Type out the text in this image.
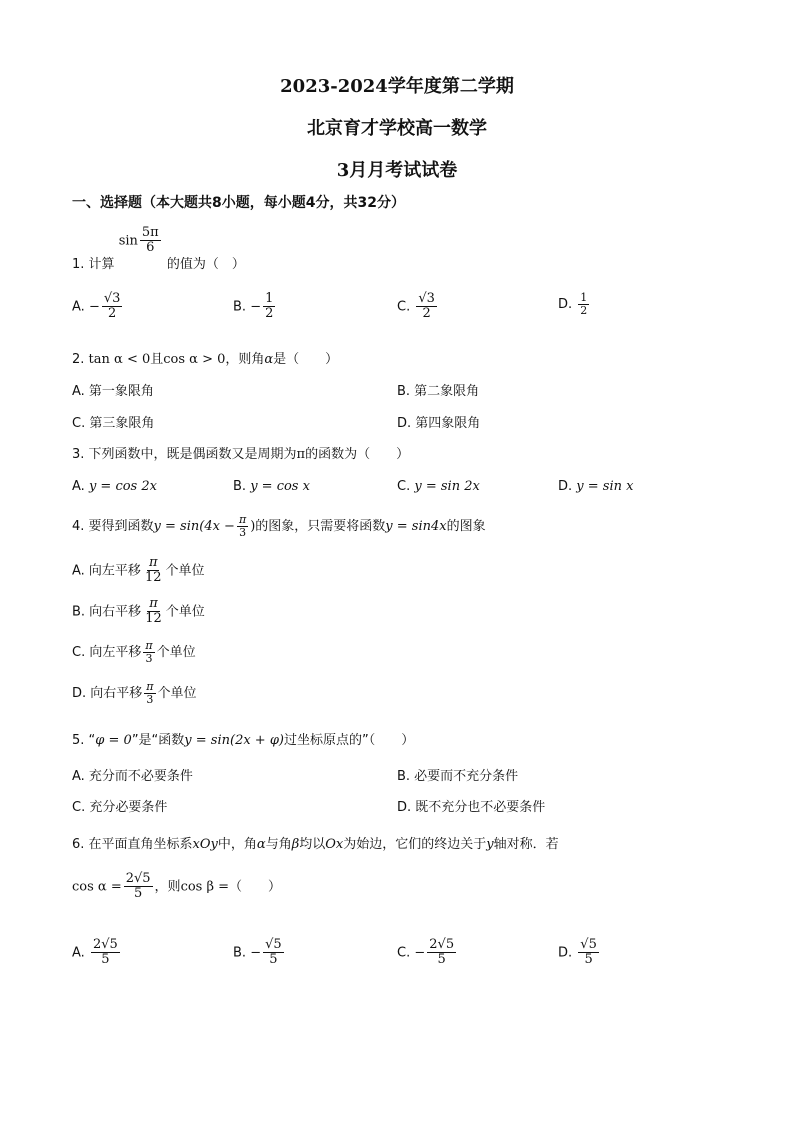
2023-2024学年度第二学期
北京育才学校高一数学
3月月考试试卷
一、选择题（本大题共8小题，每小题4分，共32分）
1. 计算 $\sin \frac{5\pi}{6}$
的值为（　）
A. − $\frac{√3}{2}$	B. − $\frac{1}{2}$	C. $\frac{√3}{2}$	D. $\frac{1}{2}$
2. tan α < 0且cos α > 0，则角α是（　　）
A. 第一象限角	B. 第二象限角
C. 第三象限角	D. 第四象限角
3. 下列函数中，既是偶函数又是周期为π的函数为（　　）
A. y = cos 2x	B. y = cos x	C. y = sin 2x	D. y = sin x
4. 要得到函数$y = \sin(4x - \frac{\pi}{3}$ )的图象，只需要将函数y = sin4x的图象
A. 向左平移 $\frac{\pi}{12}$ 个单位
B. 向右平移 $\frac{\pi}{12}$ 个单位
C. 向左平移 $\frac{\pi}{3}$ 个单位
D. 向右平移 $\frac{\pi}{3}$ 个单位
5. “φ = 0”是“函数y = sin(2x + φ)过坐标原点的”（　　）
A. 充分而不必要条件	B. 必要而不充分条件
C. 充分必要条件	D. 既不充分也不必要条件
6. 在平面直角坐标系xOy中，角α与角β均以Ox为始边，它们的终边关于y轴对称．若
$\cos \alpha = \frac{2√5}{5}$ ，则cos β =（　　）
A. $\frac{2√5}{5}$	B. − $\frac{√5}{5}$	C. − $\frac{2√5}{5}$	D. $\frac{√5}{5}$
